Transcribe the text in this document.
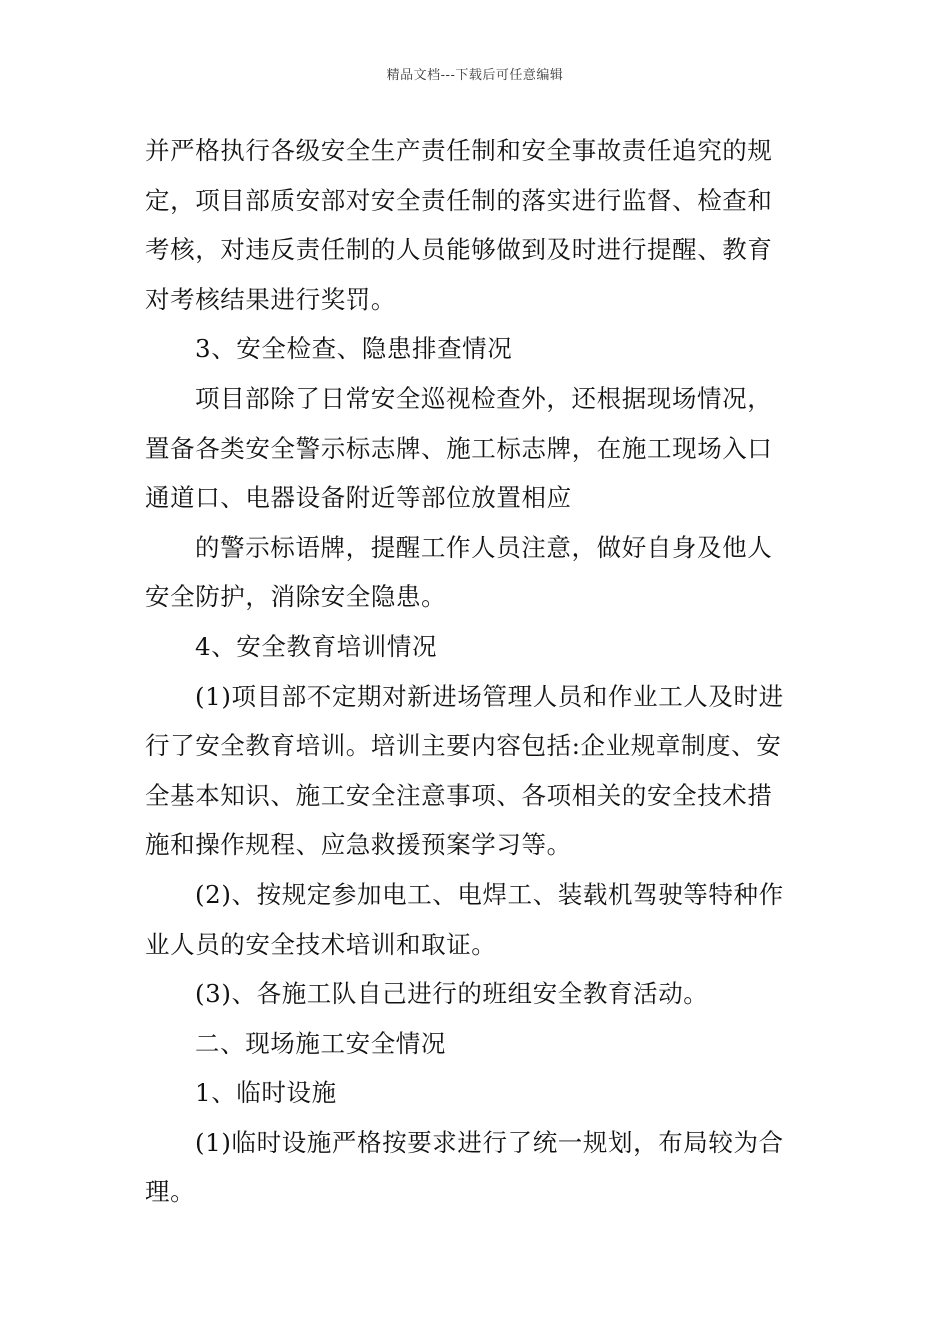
精品文档---下载后可任意编辑
并严格执行各级安全生产责任制和安全事故责任追究的规
定，项目部质安部对安全责任制的落实进行监督、检查和
考核，对违反责任制的人员能够做到及时进行提醒、教育
对考核结果进行奖罚。
3、安全检查、隐患排查情况
项目部除了日常安全巡视检查外，还根据现场情况，
置备各类安全警示标志牌、施工标志牌，在施工现场入口
通道口、电器设备附近等部位放置相应
的警示标语牌，提醒工作人员注意，做好自身及他人
安全防护，消除安全隐患。
4、安全教育培训情况
(1)项目部不定期对新进场管理人员和作业工人及时进
行了安全教育培训。培训主要内容包括:企业规章制度、安
全基本知识、施工安全注意事项、各项相关的安全技术措
施和操作规程、应急救援预案学习等。
(2)、按规定参加电工、电焊工、装载机驾驶等特种作
业人员的安全技术培训和取证。
(3)、各施工队自己进行的班组安全教育活动。
二、现场施工安全情况
1、临时设施
(1)临时设施严格按要求进行了统一规划，布局较为合
理。
